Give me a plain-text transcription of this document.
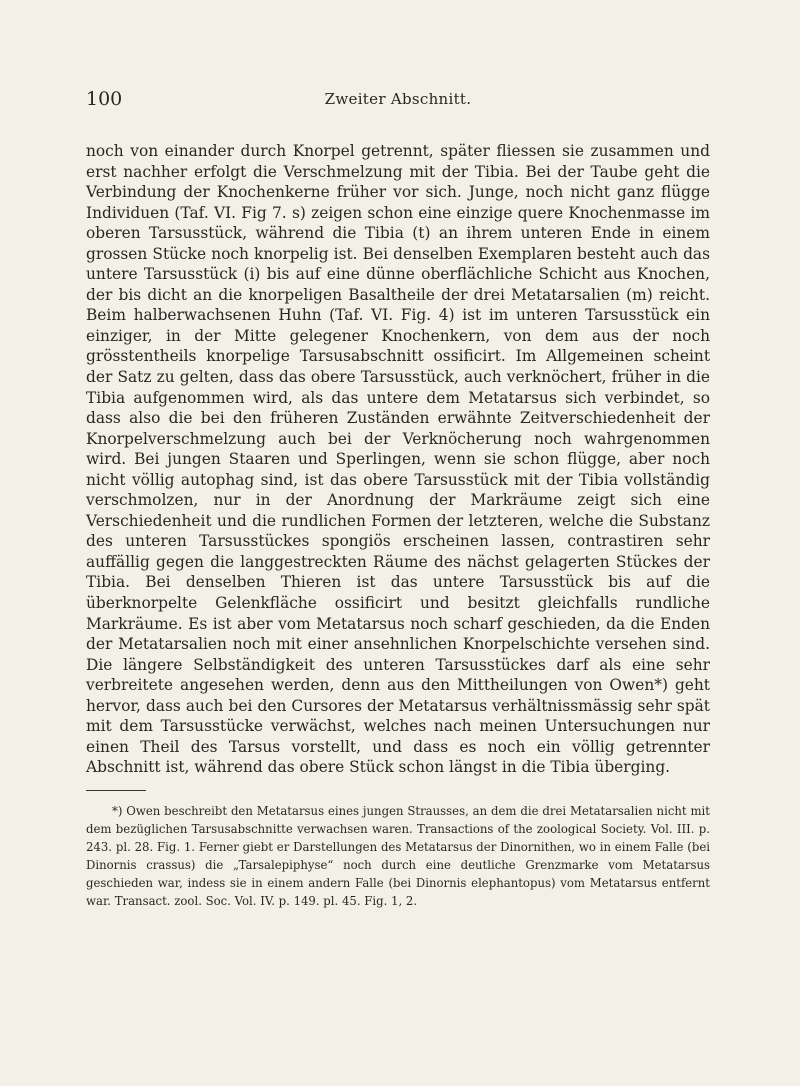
100	Zweiter Abschnitt.

noch von einander durch Knorpel getrennt, später fliessen sie zusammen und erst nachher erfolgt die Verschmelzung mit der Tibia. Bei der Taube geht die Verbindung der Knochenkerne früher vor sich. Junge, noch nicht ganz flügge Individuen (Taf. VI. Fig 7. s) zeigen schon eine einzige quere Knochenmasse im oberen Tarsusstück, während die Tibia (t) an ihrem unteren Ende in einem grossen Stücke noch knorpelig ist. Bei denselben Exemplaren besteht auch das untere Tarsusstück (i) bis auf eine dünne oberflächliche Schicht aus Knochen, der bis dicht an die knorpeligen Basaltheile der drei Metatarsalien (m) reicht. Beim halberwachsenen Huhn (Taf. VI. Fig. 4) ist im unteren Tarsusstück ein einziger, in der Mitte gelegener Knochenkern, von dem aus der noch grösstentheils knorpelige Tarsusabschnitt ossificirt. Im Allgemeinen scheint der Satz zu gelten, dass das obere Tarsusstück, auch verknöchert, früher in die Tibia aufgenommen wird, als das untere dem Metatarsus sich verbindet, so dass also die bei den früheren Zuständen erwähnte Zeitverschiedenheit der Knorpelverschmelzung auch bei der Verknöcherung noch wahrgenommen wird. Bei jungen Staaren und Sperlingen, wenn sie schon flügge, aber noch nicht völlig autophag sind, ist das obere Tarsusstück mit der Tibia vollständig verschmolzen, nur in der Anordnung der Markräume zeigt sich eine Verschiedenheit und die rundlichen Formen der letzteren, welche die Substanz des unteren Tarsusstückes spongiös erscheinen lassen, contrastiren sehr auffällig gegen die langgestreckten Räume des nächst gelagerten Stückes der Tibia. Bei denselben Thieren ist das untere Tarsusstück bis auf die überknorpelte Gelenkfläche ossificirt und besitzt gleichfalls rundliche Markräume. Es ist aber vom Metatarsus noch scharf geschieden, da die Enden der Metatarsalien noch mit einer ansehnlichen Knorpelschichte versehen sind. Die längere Selbständigkeit des unteren Tarsusstückes darf als eine sehr verbreitete angesehen werden, denn aus den Mittheilungen von Owen*) geht hervor, dass auch bei den Cursores der Metatarsus verhältnissmässig sehr spät mit dem Tarsusstücke verwächst, welches nach meinen Untersuchungen nur einen Theil des Tarsus vorstellt, und dass es noch ein völlig getrennter Abschnitt ist, während das obere Stück schon längst in die Tibia überging.

*) Owen beschreibt den Metatarsus eines jungen Strausses, an dem die drei Metatarsalien nicht mit dem bezüglichen Tarsusabschnitte verwachsen waren. Transactions of the zoological Society. Vol. III. p. 243. pl. 28. Fig. 1. Ferner giebt er Darstellungen des Metatarsus der Dinornithen, wo in einem Falle (bei Dinornis crassus) die „Tarsalepiphyse“ noch durch eine deutliche Grenzmarke vom Metatarsus geschieden war, indess sie in einem andern Falle (bei Dinornis elephantopus) vom Metatarsus entfernt war. Transact. zool. Soc. Vol. IV. p. 149. pl. 45. Fig. 1, 2.
